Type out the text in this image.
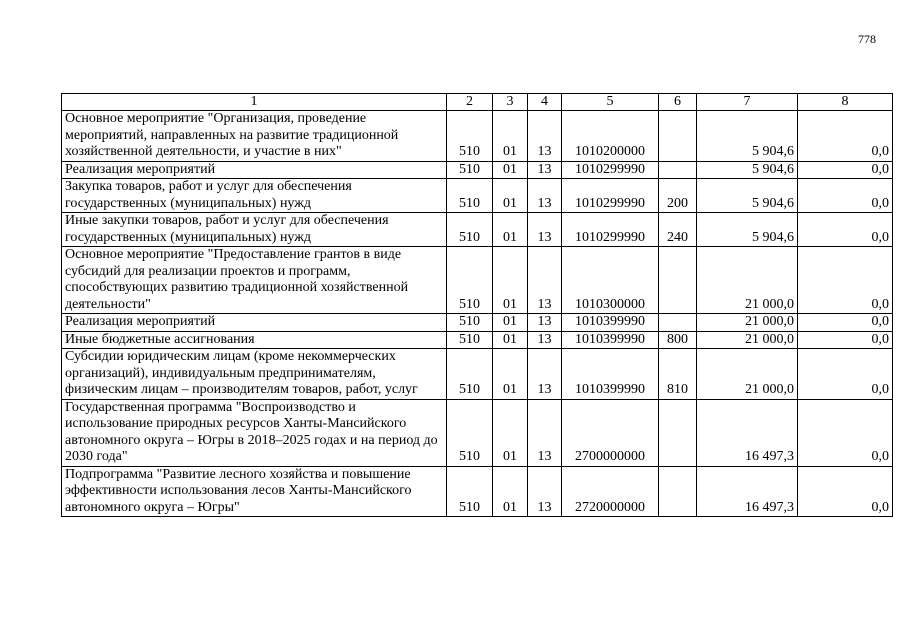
778
1	2	3	4	5	6	7	8
Основное мероприятие "Организация, проведение мероприятий, направленных на развитие традиционной хозяйственной деятельности, и участие в них"	510	01	13	1010200000		5 904,6	0,0
Реализация мероприятий	510	01	13	1010299990		5 904,6	0,0
Закупка товаров, работ и услуг для обеспечения государственных (муниципальных) нужд	510	01	13	1010299990	200	5 904,6	0,0
Иные закупки товаров, работ и услуг для обеспечения государственных (муниципальных) нужд	510	01	13	1010299990	240	5 904,6	0,0
Основное мероприятие "Предоставление грантов в виде субсидий для реализации проектов и программ, способствующих развитию традиционной хозяйственной деятельности"	510	01	13	1010300000		21 000,0	0,0
Реализация мероприятий	510	01	13	1010399990		21 000,0	0,0
Иные бюджетные ассигнования	510	01	13	1010399990	800	21 000,0	0,0
Субсидии юридическим лицам (кроме некоммерческих организаций), индивидуальным предпринимателям, физическим лицам – производителям товаров, работ, услуг	510	01	13	1010399990	810	21 000,0	0,0
Государственная программа "Воспроизводство и использование природных ресурсов Ханты-Мансийского автономного округа – Югры в 2018–2025 годах и на период до 2030 года"	510	01	13	2700000000		16 497,3	0,0
Подпрограмма "Развитие лесного хозяйства и повышение эффективности использования лесов Ханты-Мансийского автономного округа – Югры"	510	01	13	2720000000		16 497,3	0,0
